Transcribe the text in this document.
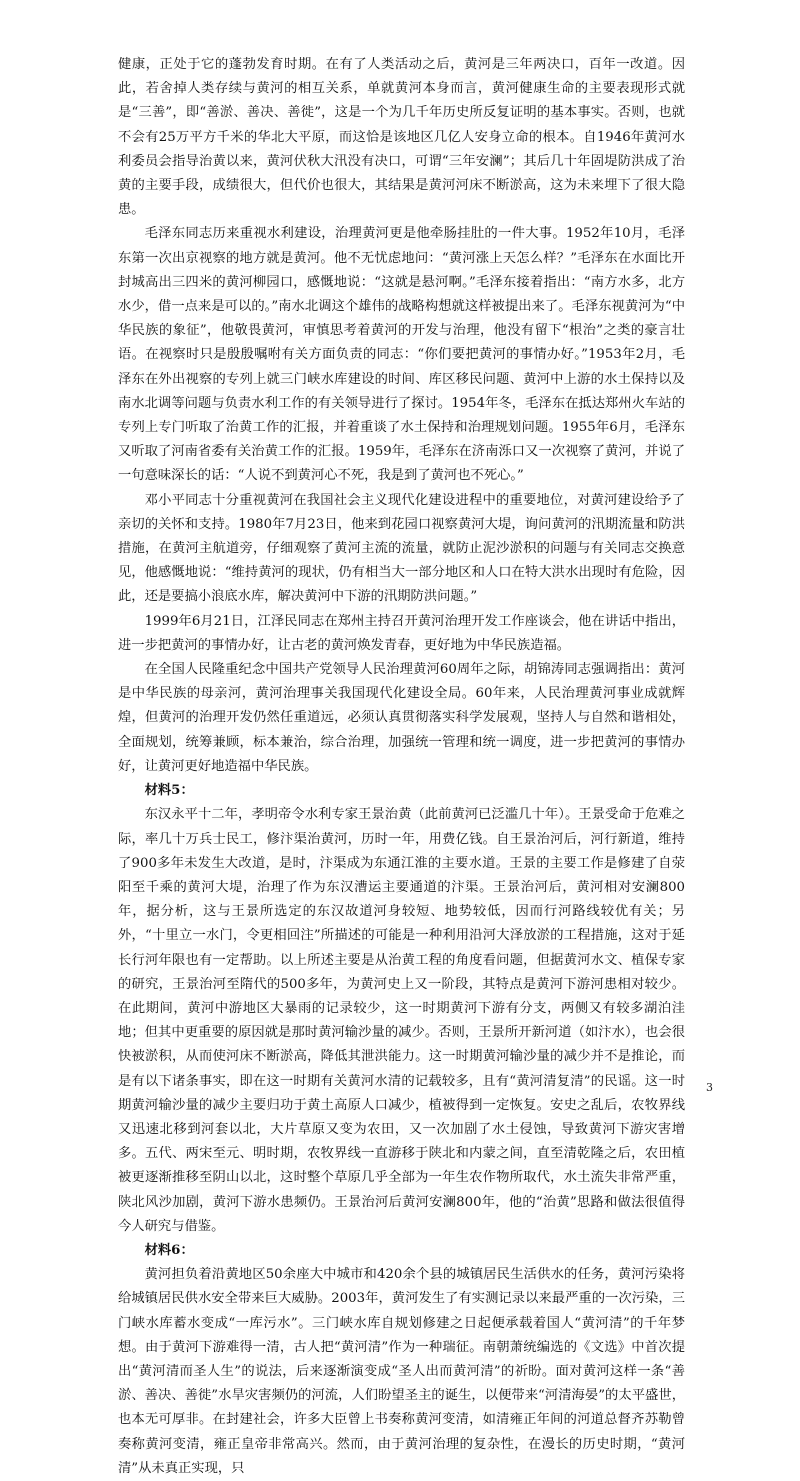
健康，正处于它的蓬勃发育时期。在有了人类活动之后，黄河是三年两决口，百年一改道。因此，若舍掉人类存续与黄河的相互关系，单就黄河本身而言，黄河健康生命的主要表现形式就是“三善”，即“善淤、善决、善徙”，这是一个为几千年历史所反复证明的基本事实。否则，也就不会有25万平方千米的华北大平原，而这恰是该地区几亿人安身立命的根本。自1946年黄河水利委员会指导治黄以来，黄河伏秋大汛没有决口，可谓“三年安澜”；其后几十年固堤防洪成了治黄的主要手段，成绩很大，但代价也很大，其结果是黄河河床不断淤高，这为未来埋下了很大隐患。

毛泽东同志历来重视水利建设，治理黄河更是他牵肠挂肚的一件大事。1952年10月，毛泽东第一次出京视察的地方就是黄河。他不无忧虑地问：“黄河涨上天怎么样？”毛泽东在水面比开封城高出三四米的黄河柳园口，感慨地说：“这就是悬河啊。”毛泽东接着指出：“南方水多，北方水少，借一点来是可以的。”南水北调这个雄伟的战略构想就这样被提出来了。毛泽东视黄河为“中华民族的象征”，他敬畏黄河，审慎思考着黄河的开发与治理，他没有留下“根治”之类的豪言壮语。在视察时只是殷殷嘱咐有关方面负责的同志：“你们要把黄河的事情办好。”1953年2月，毛泽东在外出视察的专列上就三门峡水库建设的时间、库区移民问题、黄河中上游的水土保持以及南水北调等问题与负责水利工作的有关领导进行了探讨。1954年冬，毛泽东在抵达郑州火车站的专列上专门听取了治黄工作的汇报，并着重谈了水土保持和治理规划问题。1955年6月，毛泽东又听取了河南省委有关治黄工作的汇报。1959年，毛泽东在济南泺口又一次视察了黄河，并说了一句意味深长的话：“人说不到黄河心不死，我是到了黄河也不死心。”

邓小平同志十分重视黄河在我国社会主义现代化建设进程中的重要地位，对黄河建设给予了亲切的关怀和支持。1980年7月23日，他来到花园口视察黄河大堤，询问黄河的汛期流量和防洪措施，在黄河主航道旁，仔细观察了黄河主流的流量，就防止泥沙淤积的问题与有关同志交换意见，他感慨地说：“维持黄河的现状，仍有相当大一部分地区和人口在特大洪水出现时有危险，因此，还是要搞小浪底水库，解决黄河中下游的汛期防洪问题。”

1999年6月21日，江泽民同志在郑州主持召开黄河治理开发工作座谈会，他在讲话中指出，进一步把黄河的事情办好，让古老的黄河焕发青春，更好地为中华民族造福。

在全国人民隆重纪念中国共产党领导人民治理黄河60周年之际，胡锦涛同志强调指出：黄河是中华民族的母亲河，黄河治理事关我国现代化建设全局。60年来，人民治理黄河事业成就辉煌，但黄河的治理开发仍然任重道远，必须认真贯彻落实科学发展观，坚持人与自然和谐相处，全面规划，统筹兼顾，标本兼治，综合治理，加强统一管理和统一调度，进一步把黄河的事情办好，让黄河更好地造福中华民族。

材料5：

东汉永平十二年，孝明帝令水利专家王景治黄（此前黄河已泛滥几十年）。王景受命于危难之际，率几十万兵士民工，修汴渠治黄河，历时一年，用费亿钱。自王景治河后，河行新道，维持了900多年未发生大改道，是时，汴渠成为东通江淮的主要水道。王景的主要工作是修建了自荥阳至千乘的黄河大堤，治理了作为东汉漕运主要通道的汴渠。王景治河后，黄河相对安澜800年，据分析，这与王景所选定的东汉故道河身较短、地势较低，因而行河路线较优有关；另外，“十里立一水门，令更相回注”所描述的可能是一种利用沿河大泽放淤的工程措施，这对于延长行河年限也有一定帮助。以上所述主要是从治黄工程的角度看问题，但据黄河水文、植保专家的研究，王景治河至隋代的500多年，为黄河史上又一阶段，其特点是黄河下游河患相对较少。在此期间，黄河中游地区大暴雨的记录较少，这一时期黄河下游有分支，两侧又有较多湖泊洼地；但其中更重要的原因就是那时黄河输沙量的减少。否则，王景所开新河道（如汴水），也会很快被淤积，从而使河床不断淤高，降低其泄洪能力。这一时期黄河输沙量的减少并不是推论，而是有以下诸条事实，即在这一时期有关黄河水清的记载较多，且有“黄河清复清”的民谣。这一时期黄河输沙量的减少主要归功于黄土高原人口减少，植被得到一定恢复。安史之乱后，农牧界线又迅速北移到河套以北，大片草原又变为农田，又一次加剧了水土侵蚀，导致黄河下游灾害增多。五代、两宋至元、明时期，农牧界线一直游移于陕北和内蒙之间，直至清乾隆之后，农田植被更逐渐推移至阴山以北，这时整个草原几乎全部为一年生农作物所取代，水土流失非常严重，陕北风沙加剧，黄河下游水患频仍。王景治河后黄河安澜800年，他的“治黄”思路和做法很值得今人研究与借鉴。

材料6：

黄河担负着沿黄地区50余座大中城市和420余个县的城镇居民生活供水的任务，黄河污染将给城镇居民供水安全带来巨大威胁。2003年，黄河发生了有实测记录以来最严重的一次污染，三门峡水库蓄水变成“一库污水”。三门峡水库自规划修建之日起便承载着国人“黄河清”的千年梦想。由于黄河下游难得一清，古人把“黄河清”作为一种瑞征。南朝萧统编选的《文选》中首次提出“黄河清而圣人生”的说法，后来逐渐演变成“圣人出而黄河清”的祈盼。面对黄河这样一条“善淤、善决、善徙”水旱灾害频仍的河流，人们盼望圣主的诞生，以便带来“河清海晏”的太平盛世，也本无可厚非。在封建社会，许多大臣曾上书奏称黄河变清，如清雍正年间的河道总督齐苏勒曾奏称黄河变清，雍正皇帝非常高兴。然而，由于黄河治理的复杂性，在漫长的历史时期，“黄河清”从未真正实现，只

3
